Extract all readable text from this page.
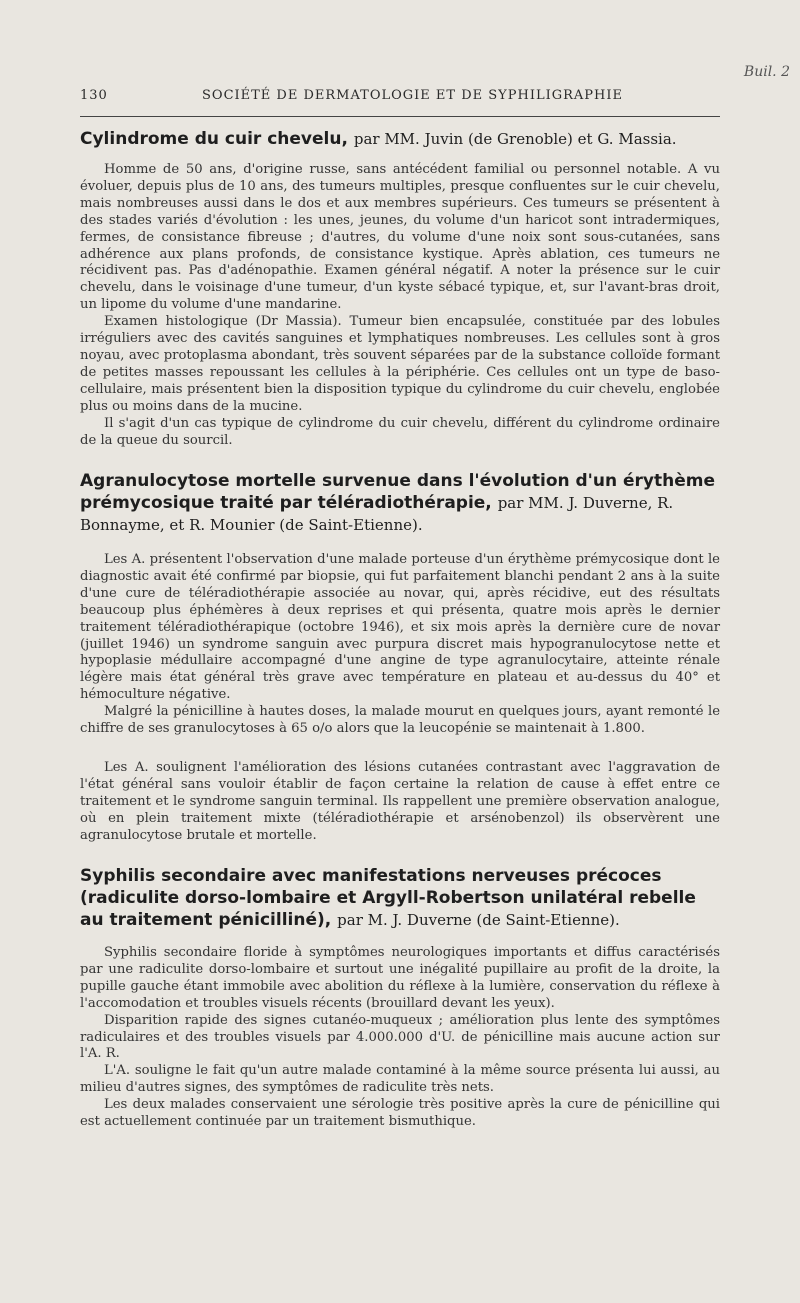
Buil. 2
130	SOCIÉTÉ DE DERMATOLOGIE ET DE SYPHILIGRAPHIE
Cylindrome du cuir chevelu, par MM. Juvin (de Grenoble) et G. Massia.

Homme de 50 ans, d'origine russe, sans antécédent familial ou personnel notable. A vu évoluer, depuis plus de 10 ans, des tumeurs multiples, presque confluentes sur le cuir chevelu, mais nombreuses aussi dans le dos et aux membres supérieurs. Ces tumeurs se présentent à des stades variés d'évolution : les unes, jeunes, du volume d'un haricot sont intradermiques, fermes, de consistance fibreuse ; d'autres, du volume d'une noix sont sous-cutanées, sans adhérence aux plans profonds, de consistance kystique. Après ablation, ces tumeurs ne récidivent pas. Pas d'adénopathie. Examen général négatif. A noter la présence sur le cuir chevelu, dans le voisinage d'une tumeur, d'un kyste sébacé typique, et, sur l'avant-bras droit, un lipome du volume d'une mandarine.

Examen histologique (Dr Massia). Tumeur bien encapsulée, constituée par des lobules irréguliers avec des cavités sanguines et lymphatiques nombreuses. Les cellules sont à gros noyau, avec protoplasma abondant, très souvent séparées par de la substance colloïde formant de petites masses repoussant les cellules à la périphérie. Ces cellules ont un type de baso-cellulaire, mais présentent bien la disposition typique du cylindrome du cuir chevelu, englobée plus ou moins dans de la mucine.

Il s'agit d'un cas typique de cylindrome du cuir chevelu, différent du cylindrome ordinaire de la queue du sourcil.

Agranulocytose mortelle survenue dans l'évolution d'un érythème prémycosique traité par téléradiothérapie, par MM. J. Duverne, R. Bonnayme, et R. Mounier (de Saint-Etienne).

Les A. présentent l'observation d'une malade porteuse d'un érythème prémycosique dont le diagnostic avait été confirmé par biopsie, qui fut parfaitement blanchi pendant 2 ans à la suite d'une cure de téléradiothérapie associée au novar, qui, après récidive, eut des résultats beaucoup plus éphémères à deux reprises et qui présenta, quatre mois après le dernier traitement téléradiothérapique (octobre 1946), et six mois après la dernière cure de novar (juillet 1946) un syndrome sanguin avec purpura discret mais hypogranulocytose nette et hypoplasie médullaire accompagné d'une angine de type agranulocytaire, atteinte rénale légère mais état général très grave avec température en plateau et au-dessus du 40° et hémoculture négative.

Malgré la pénicilline à hautes doses, la malade mourut en quelques jours, ayant remonté le chiffre de ses granulocytoses à 65 o/o alors que la leucopénie se maintenait à 1.800.

Les A. soulignent l'amélioration des lésions cutanées contrastant avec l'aggravation de l'état général sans vouloir établir de façon certaine la relation de cause à effet entre ce traitement et le syndrome sanguin terminal. Ils rappellent une première observation analogue, où en plein traitement mixte (téléradiothérapie et arsénobenzol) ils observèrent une agranulocytose brutale et mortelle.

Syphilis secondaire avec manifestations nerveuses précoces (radiculite dorso-lombaire et Argyll-Robertson unilatéral rebelle au traitement pénicilliné), par M. J. Duverne (de Saint-Etienne).

Syphilis secondaire floride à symptômes neurologiques importants et diffus caractérisés par une radiculite dorso-lombaire et surtout une inégalité pupillaire au profit de la droite, la pupille gauche étant immobile avec abolition du réflexe à la lumière, conservation du réflexe à l'accomodation et troubles visuels récents (brouillard devant les yeux).

Disparition rapide des signes cutanéo-muqueux ; amélioration plus lente des symptômes radiculaires et des troubles visuels par 4.000.000 d'U. de pénicilline mais aucune action sur l'A. R.

L'A. souligne le fait qu'un autre malade contaminé à la même source présenta lui aussi, au milieu d'autres signes, des symptômes de radiculite très nets.

Les deux malades conservaient une sérologie très positive après la cure de pénicilline qui est actuellement continuée par un traitement bismuthique.
